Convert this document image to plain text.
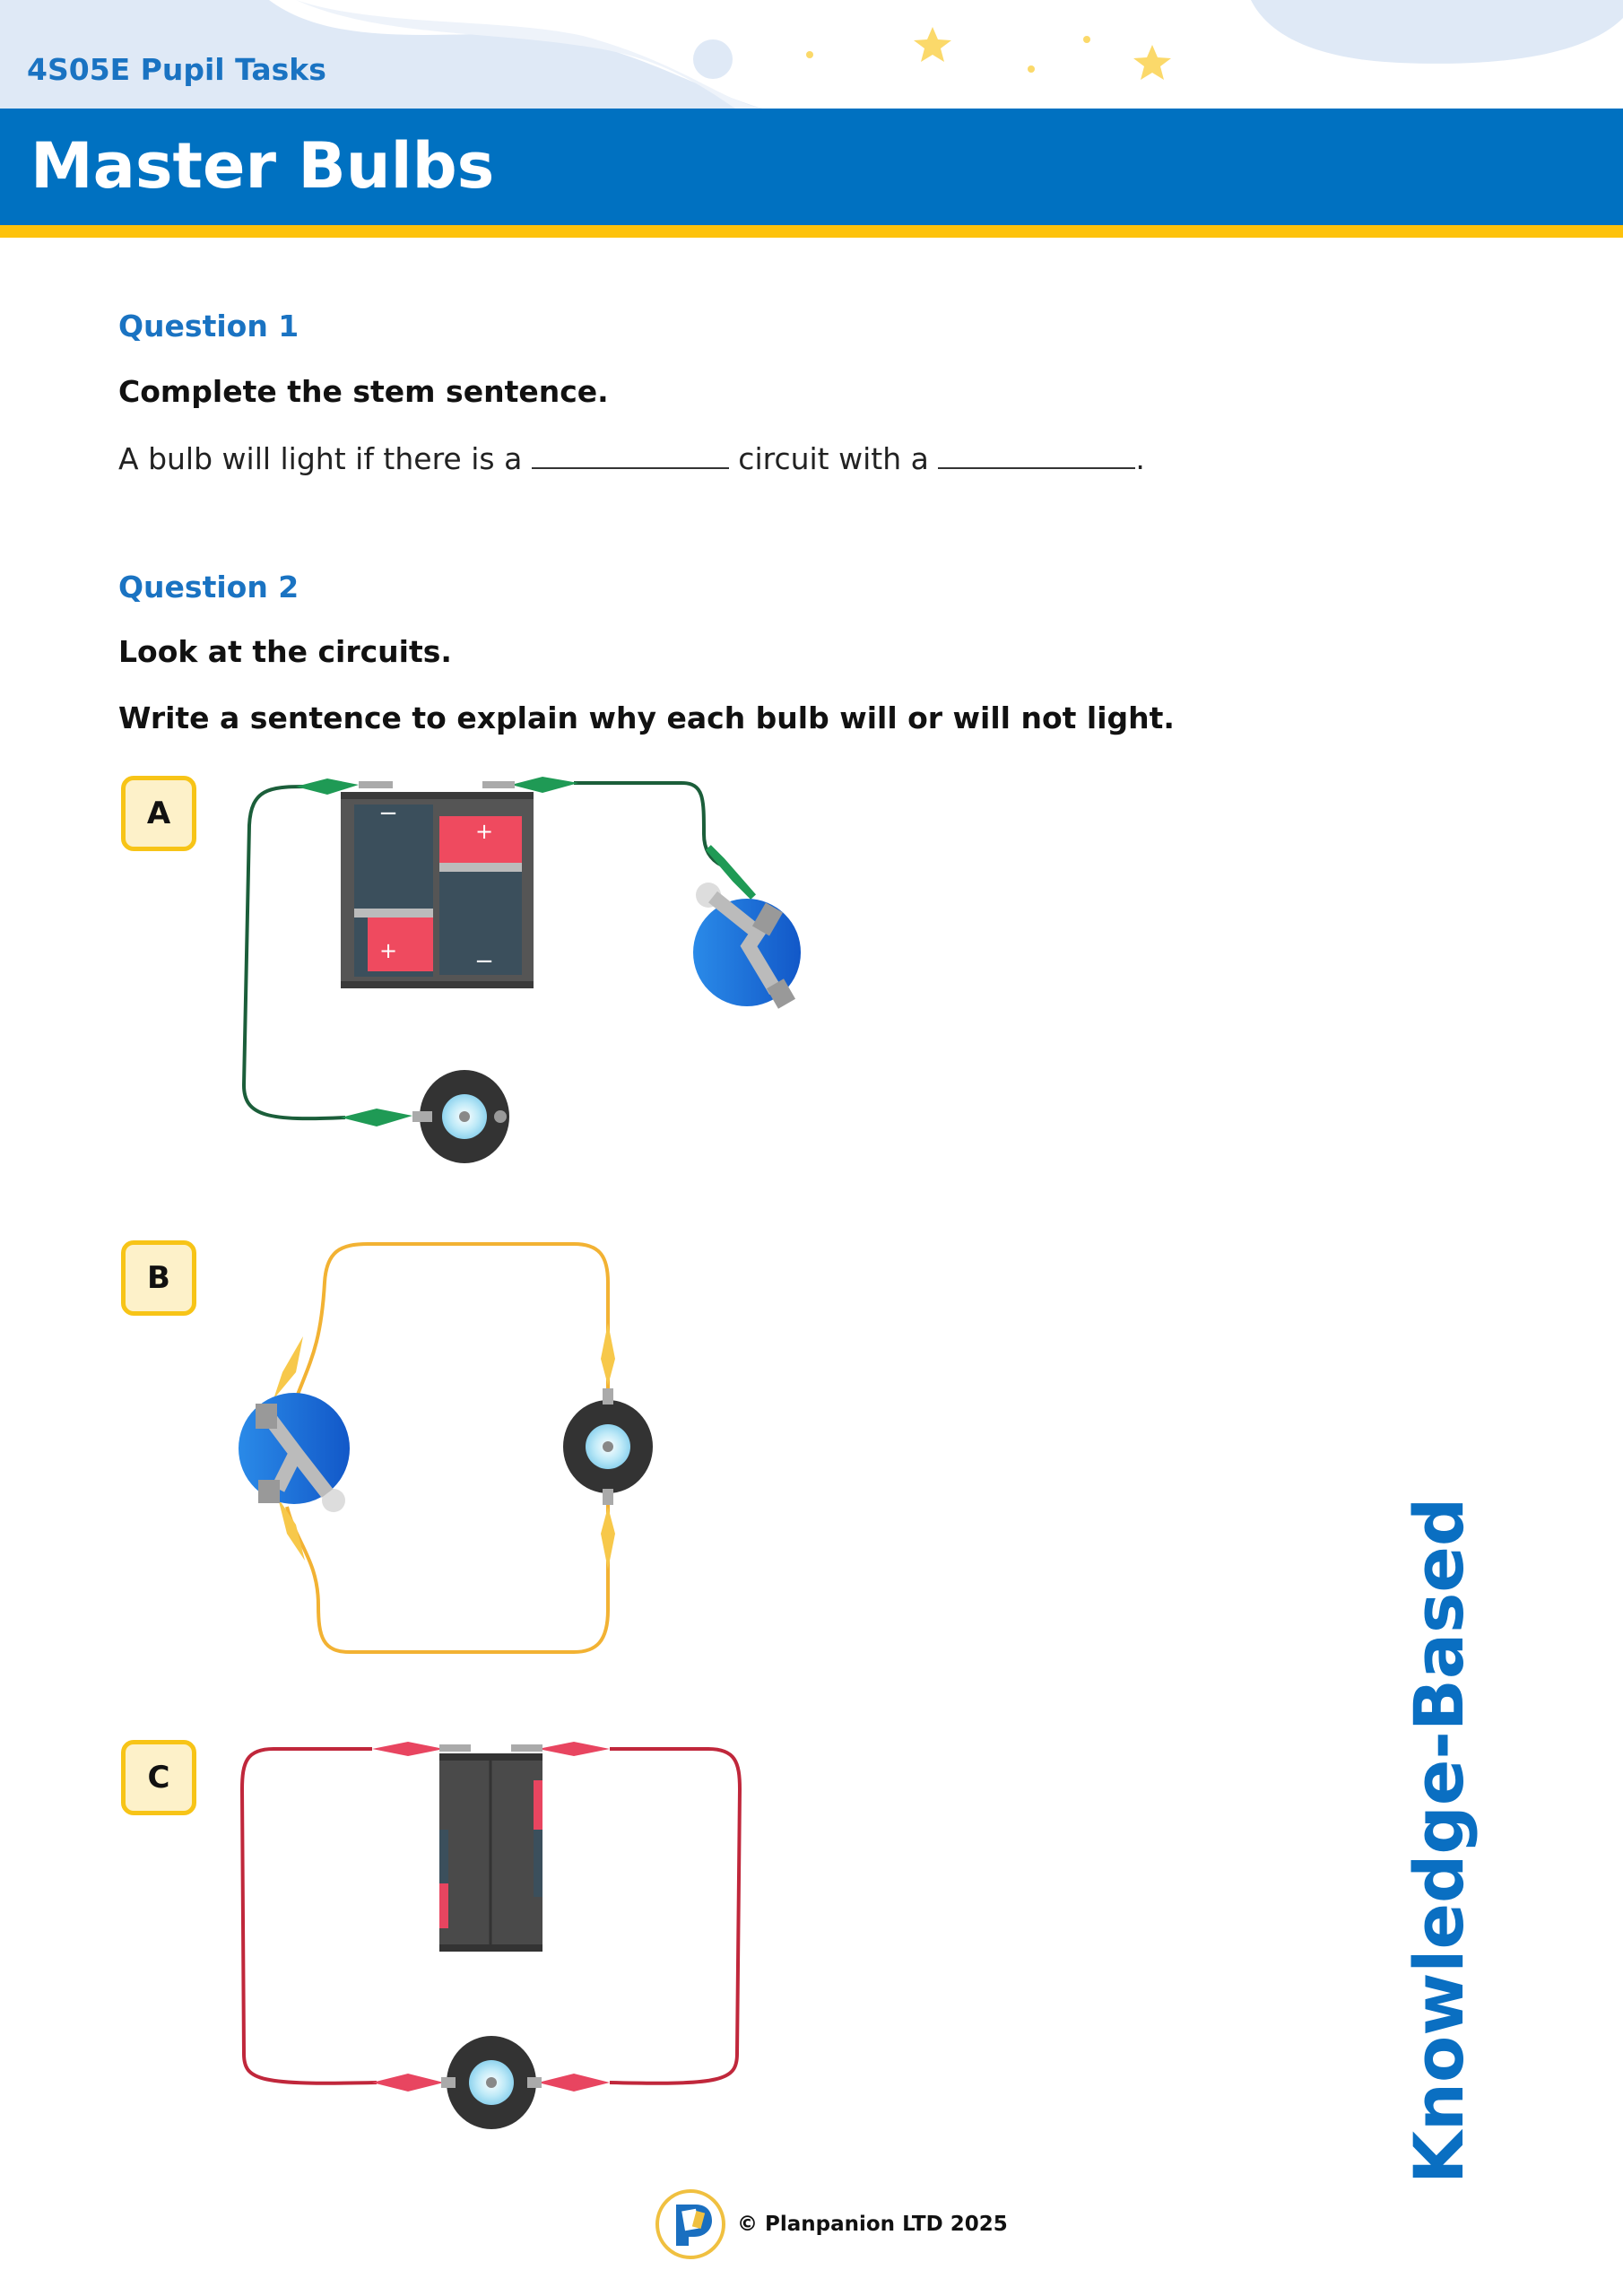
4S05E Pupil Tasks
Master Bulbs
Question 1
Complete the stem sentence.
A bulb will light if there is a	circuit with a	.
Question 2
Look at the circuits.
Write a sentence to explain why each bulb will or will not light.
A
B
C
−
+
+
−
Knowledge-Based
© Planpanion LTD 2025
